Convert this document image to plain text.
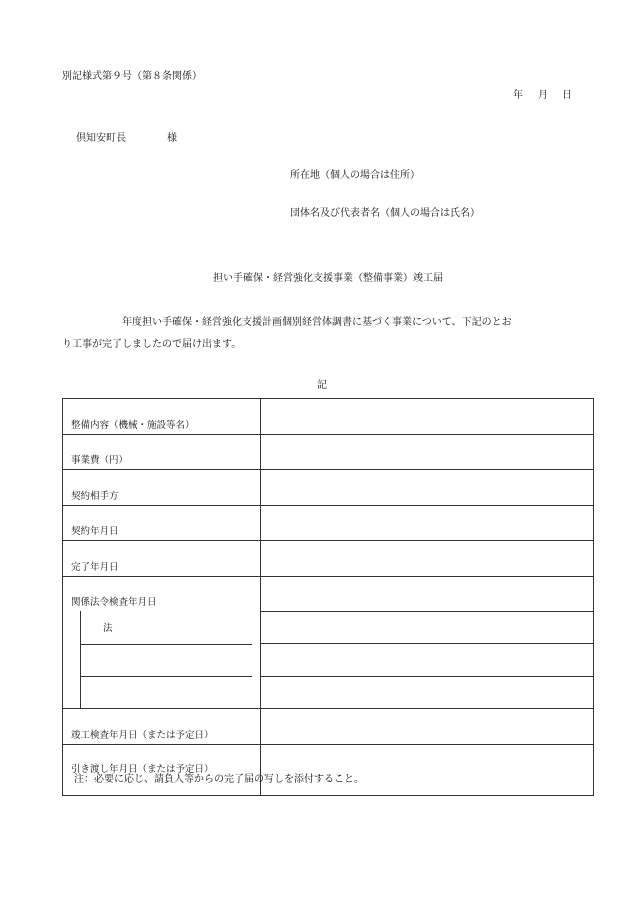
別記様式第９号（第８条関係）
年 月 日
倶知安町長	様
所在地（個人の場合は住所）
団体名及び代表者名（個人の場合は氏名）
担い手確保・経営強化支援事業（整備事業）竣工届
年度担い手確保・経営強化支援計画個別経営体調書に基づく事業について、下記のとお
り工事が完了しましたので届け出ます。
記
整備内容（機械・施設等名）	
事業費（円）	
契約相手方	
契約年月日	
完了年月日	
関係法令検査年月日	

法	

竣工検査年月日（または予定日）	
引き渡し年月日（または予定日）	
注：必要に応じ、請負人等からの完了届の写しを添付すること。
